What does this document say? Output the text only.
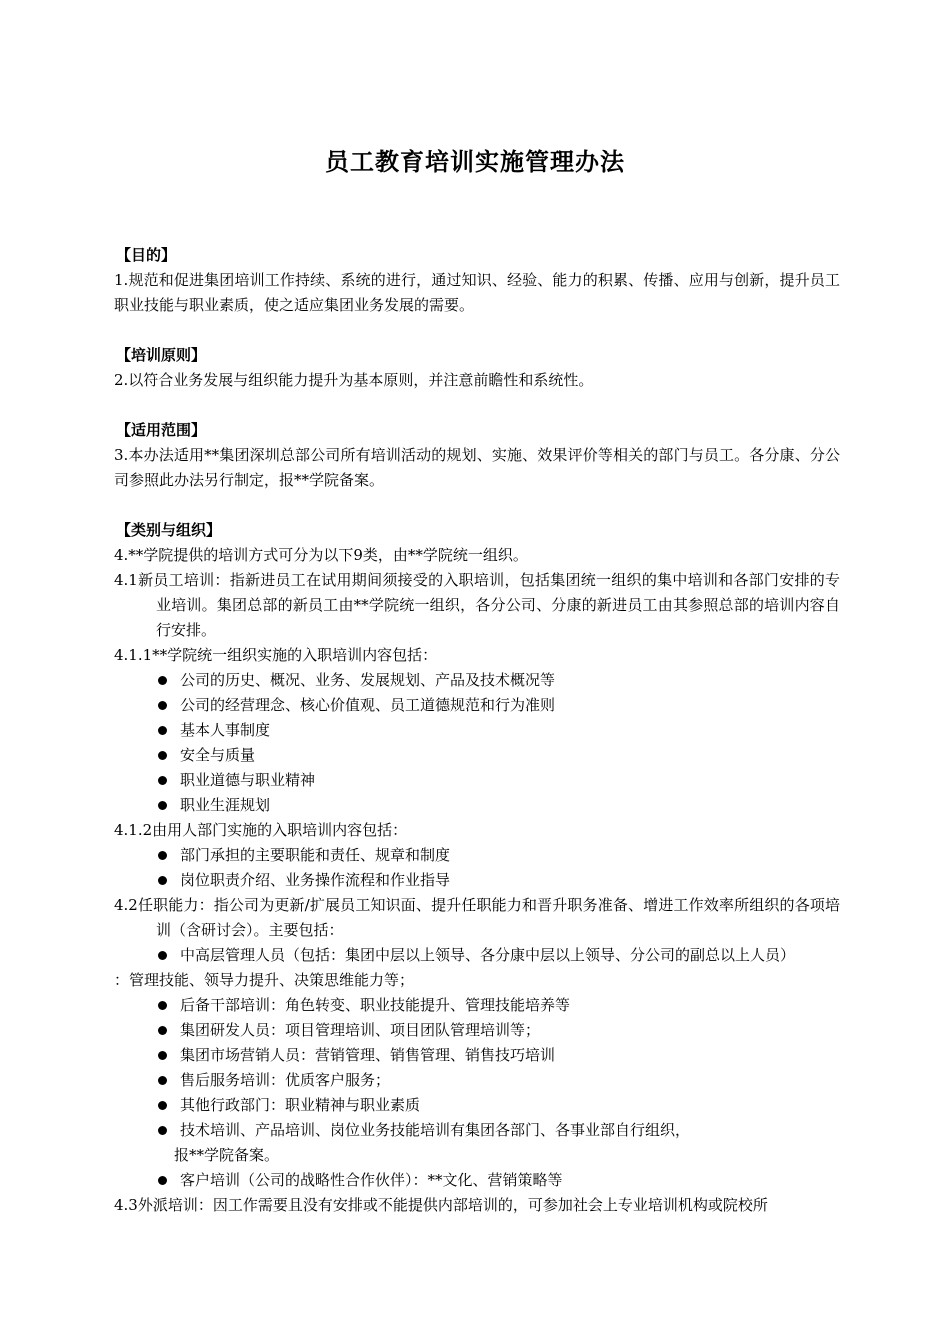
员工教育培训实施管理办法
【目的】
1.规范和促进集团培训工作持续、系统的进行，通过知识、经验、能力的积累、传播、应用与创新，提升员工职业技能与职业素质，使之适应集团业务发展的需要。
【培训原则】
2.以符合业务发展与组织能力提升为基本原则，并注意前瞻性和系统性。
【适用范围】
3.本办法适用**集团深圳总部公司所有培训活动的规划、实施、效果评价等相关的部门与员工。各分康、分公司参照此办法另行制定，报**学院备案。
【类别与组织】
4.**学院提供的培训方式可分为以下9类，由**学院统一组织。
4.1新员工培训：指新进员工在试用期间须接受的入职培训，包括集团统一组织的集中培训和各部门安排的专业培训。集团总部的新员工由**学院统一组织，各分公司、分康的新进员工由其参照总部的培训内容自行安排。
4.1.1**学院统一组织实施的入职培训内容包括：
公司的历史、概况、业务、发展规划、产品及技术概况等
公司的经营理念、核心价值观、员工道德规范和行为准则
基本人事制度
安全与质量
职业道德与职业精神
职业生涯规划
4.1.2由用人部门实施的入职培训内容包括：
部门承担的主要职能和责任、规章和制度
岗位职责介绍、业务操作流程和作业指导
4.2任职能力：指公司为更新/扩展员工知识面、提升任职能力和晋升职务准备、增进工作效率所组织的各项培训（含研讨会）。主要包括：
中高层管理人员（包括：集团中层以上领导、各分康中层以上领导、分公司的副总以上人员）
：管理技能、领导力提升、决策思维能力等；
后备干部培训：角色转变、职业技能提升、管理技能培养等
集团研发人员：项目管理培训、项目团队管理培训等；
集团市场营销人员：营销管理、销售管理、销售技巧培训
售后服务培训：优质客户服务；
其他行政部门：职业精神与职业素质
技术培训、产品培训、岗位业务技能培训有集团各部门、各事业部自行组织，
报**学院备案。
客户培训（公司的战略性合作伙伴）：**文化、营销策略等
4.3外派培训：因工作需要且没有安排或不能提供内部培训的，可参加社会上专业培训机构或院校所
